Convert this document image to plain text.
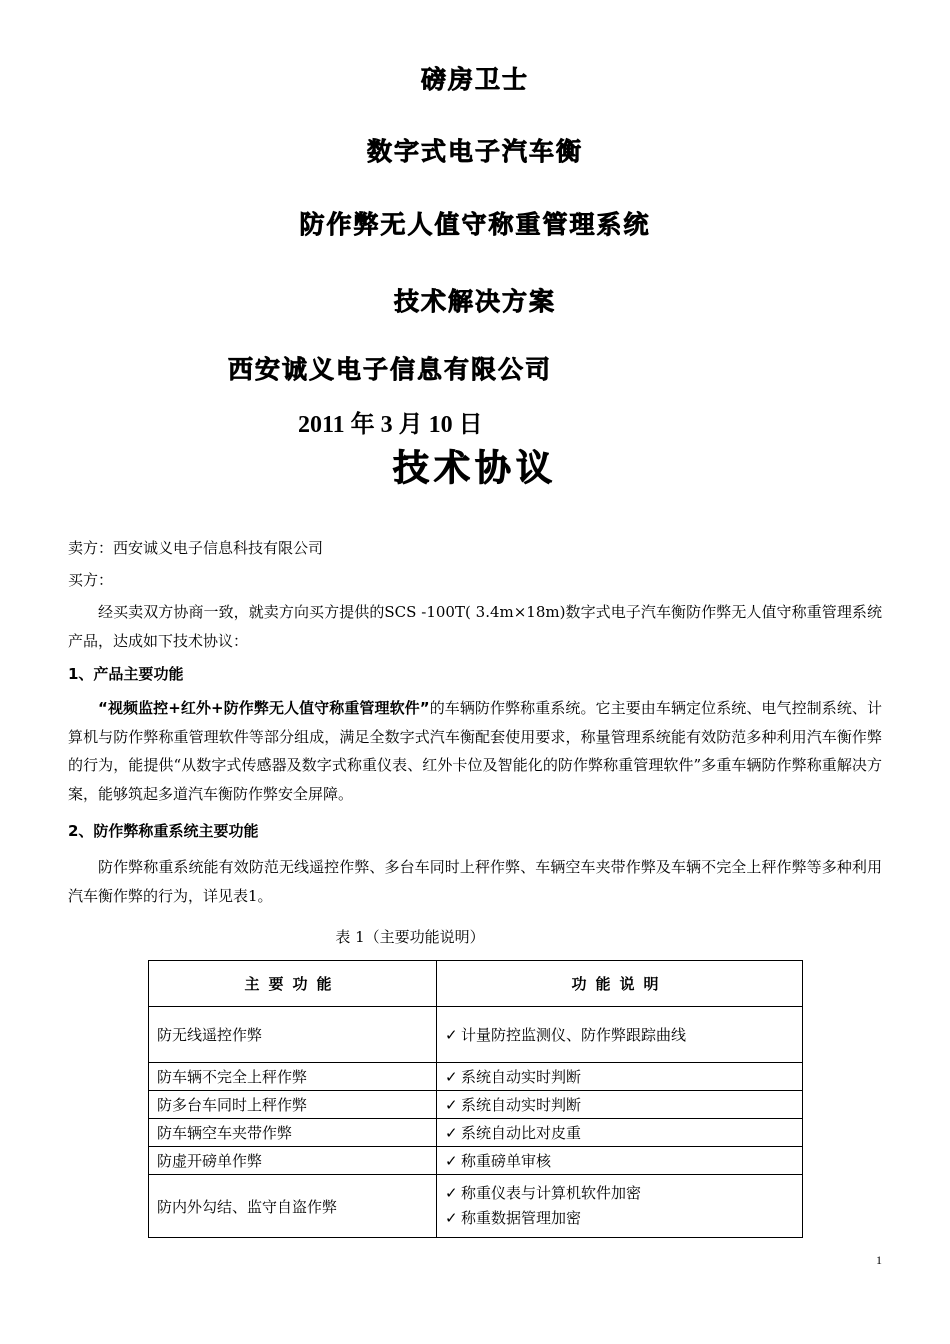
磅房卫士
数字式电子汽车衡
防作弊无人值守称重管理系统
技术解决方案
西安诚义电子信息有限公司
2011 年 3 月 10 日
技术协议
卖方：西安诚义电子信息科技有限公司
买方：
经买卖双方协商一致，就卖方向买方提供的SCS -100T( 3.4m×18m)数字式电子汽车衡防作弊无人值守称重管理系统产品，达成如下技术协议：
1、产品主要功能
“视频监控+红外+防作弊无人值守称重管理软件”的车辆防作弊称重系统。它主要由车辆定位系统、电气控制系统、计算机与防作弊称重管理软件等部分组成，满足全数字式汽车衡配套使用要求，称量管理系统能有效防范多种利用汽车衡作弊的行为，能提供“从数字式传感器及数字式称重仪表、红外卡位及智能化的防作弊称重管理软件”多重车辆防作弊称重解决方案，能够筑起多道汽车衡防作弊安全屏障。
2、防作弊称重系统主要功能
防作弊称重系统能有效防范无线遥控作弊、多台车同时上秤作弊、车辆空车夹带作弊及车辆不完全上秤作弊等多种利用汽车衡作弊的行为，详见表1。
表 1（主要功能说明）
主要功能	功能说明
防无线遥控作弊	✓ 计量防控监测仪、防作弊跟踪曲线
防车辆不完全上秤作弊	✓ 系统自动实时判断
防多台车同时上秤作弊	✓ 系统自动实时判断
防车辆空车夹带作弊	✓ 系统自动比对皮重
防虚开磅单作弊	✓ 称重磅单审核
防内外勾结、监守自盗作弊	✓ 称重仪表与计算机软件加密
✓ 称重数据管理加密
1
